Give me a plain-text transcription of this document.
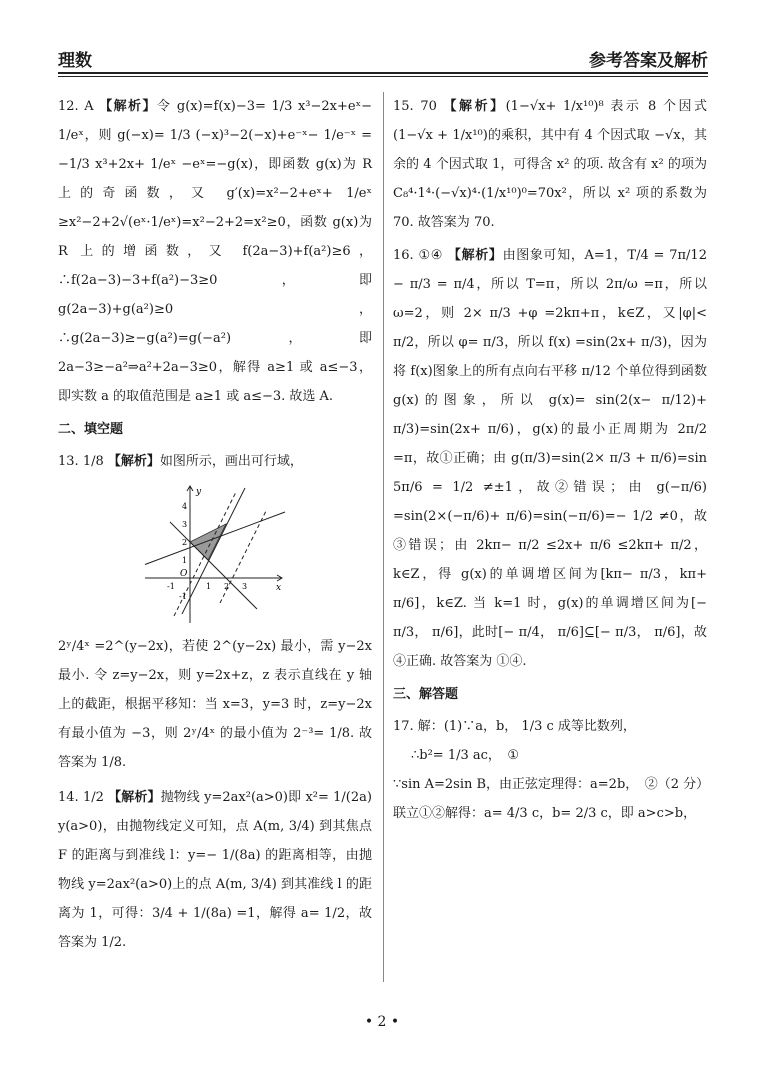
理数	参考答案及解析

12. A 【解析】令 g(x)=f(x)−3= 1/3 x³−2x+eˣ− 1/eˣ，则 g(−x)= 1/3 (−x)³−2(−x)+e⁻ˣ− 1/e⁻ˣ = −1/3 x³+2x+ 1/eˣ −eˣ=−g(x)，即函数 g(x)为 R 上的奇函数，又 g′(x)=x²−2+eˣ+ 1/eˣ ≥x²−2+2√(eˣ·1/eˣ)=x²−2+2=x²≥0，函数 g(x)为 R 上的增函数，又 f(2a−3)+f(a²)≥6，∴f(2a−3)−3+f(a²)−3≥0，即 g(2a−3)+g(a²)≥0，∴g(2a−3)≥−g(a²)=g(−a²)，即 2a−3≥−a²⇒a²+2a−3≥0，解得 a≥1 或 a≤−3，即实数 a 的取值范围是 a≥1 或 a≤−3. 故选 A.

二、填空题

13. 1/8 【解析】如图所示，画出可行域，

y
x
O
-1	1 2 3
4
3
2
1
-1

2ʸ/4ˣ =2^(y−2x)，若使 2^(y−2x) 最小，需 y−2x 最小. 令 z=y−2x，则 y=2x+z，z 表示直线在 y 轴上的截距，根据平移知：当 x=3，y=3 时，z=y−2x 有最小值为 −3，则 2ʸ/4ˣ 的最小值为 2⁻³= 1/8. 故答案为 1/8.

14. 1/2 【解析】抛物线 y=2ax²(a>0)即 x²= 1/(2a) y(a>0)，由抛物线定义可知，点 A(m, 3/4) 到其焦点 F 的距离与到准线 l：y=− 1/(8a) 的距离相等，由抛物线 y=2ax²(a>0)上的点 A(m, 3/4) 到其准线 l 的距离为 1，可得：3/4 + 1/(8a) =1，解得 a= 1/2，故答案为 1/2.

15. 70 【解析】(1−√x+ 1/x¹⁰)⁸ 表示 8 个因式(1−√x + 1/x¹⁰)的乘积，其中有 4 个因式取 −√x，其余的 4 个因式取 1，可得含 x² 的项. 故含有 x² 的项为 C₈⁴·1⁴·(−√x)⁴·(1/x¹⁰)⁰=70x²，所以 x² 项的系数为 70. 故答案为 70.

16. ①④ 【解析】由图象可知，A=1，T/4 = 7π/12 − π/3 = π/4，所以 T=π，所以 2π/ω =π，所以 ω=2，则 2× π/3 +φ =2kπ+π，k∈Z，又|φ|< π/2，所以 φ= π/3，所以 f(x) =sin(2x+ π/3)，因为将 f(x)图象上的所有点向右平移 π/12 个单位得到函数 g(x)的图象，所以 g(x)= sin(2(x− π/12)+ π/3)=sin(2x+ π/6)，g(x)的最小正周期为 2π/2 =π，故①正确；由 g(π/3)=sin(2× π/3 + π/6)=sin 5π/6 = 1/2 ≠±1，故②错误；由 g(−π/6) =sin(2×(−π/6)+ π/6)=sin(−π/6)=− 1/2 ≠0，故③错误；由 2kπ− π/2 ≤2x+ π/6 ≤2kπ+ π/2，k∈Z，得 g(x)的单调增区间为[kπ− π/3，kπ+ π/6]，k∈Z. 当 k=1 时，g(x)的单调增区间为[− π/3， π/6]，此时[− π/4， π/6]⊆[− π/3， π/6]，故④正确. 故答案为 ①④.

三、解答题

17. 解：(1)∵a，b， 1/3 c 成等比数列，

∴b²= 1/3 ac，　①

∵sin A=2sin B，由正弦定理得：a=2b，　②（2 分）

联立①②解得：a= 4/3 c，b= 2/3 c，即 a>c>b，

• 2 •
